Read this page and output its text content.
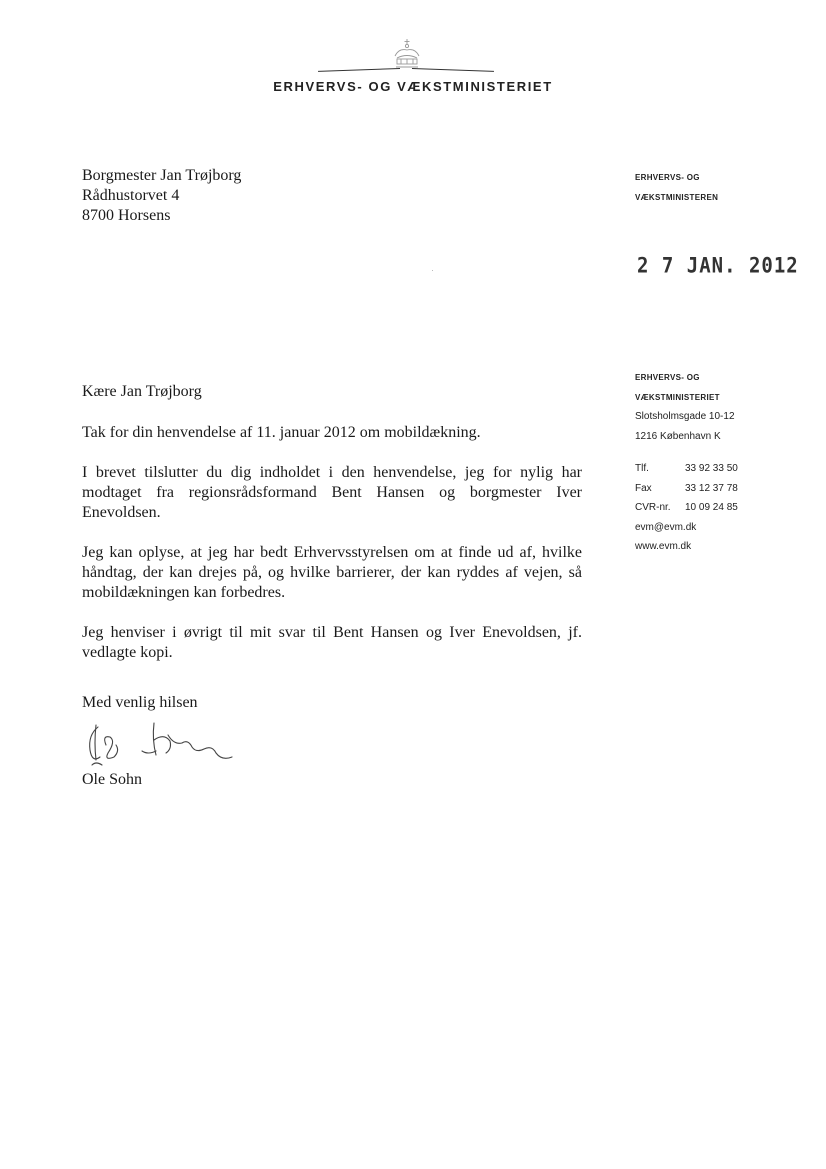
ERHVERVS- OG VÆKSTMINISTERIET
Borgmester Jan Trøjborg
Rådhustorvet 4
8700 Horsens
ERHVERVS- OG
VÆKSTMINISTEREN
2 7 JAN. 2012
ERHVERVS- OG
VÆKSTMINISTERIET
Slotsholmsgade 10-12
1216 København K
Tlf.	33 92 33 50
Fax	33 12 37 78
CVR-nr. 10 09 24 85
evm@evm.dk
www.evm.dk

Kære Jan Trøjborg

Tak for din henvendelse af 11. januar 2012 om mobildækning.

I brevet tilslutter du dig indholdet i den henvendelse, jeg for nylig har modtaget fra regionsrådsformand Bent Hansen og borgmester Iver Enevoldsen.

Jeg kan oplyse, at jeg har bedt Erhvervsstyrelsen om at finde ud af, hvilke håndtag, der kan drejes på, og hvilke barrierer, der kan ryddes af vejen, så mobildækningen kan forbedres.

Jeg henviser i øvrigt til mit svar til Bent Hansen og Iver Enevoldsen, jf. vedlagte kopi.

Med venlig hilsen
Ole Sohn
